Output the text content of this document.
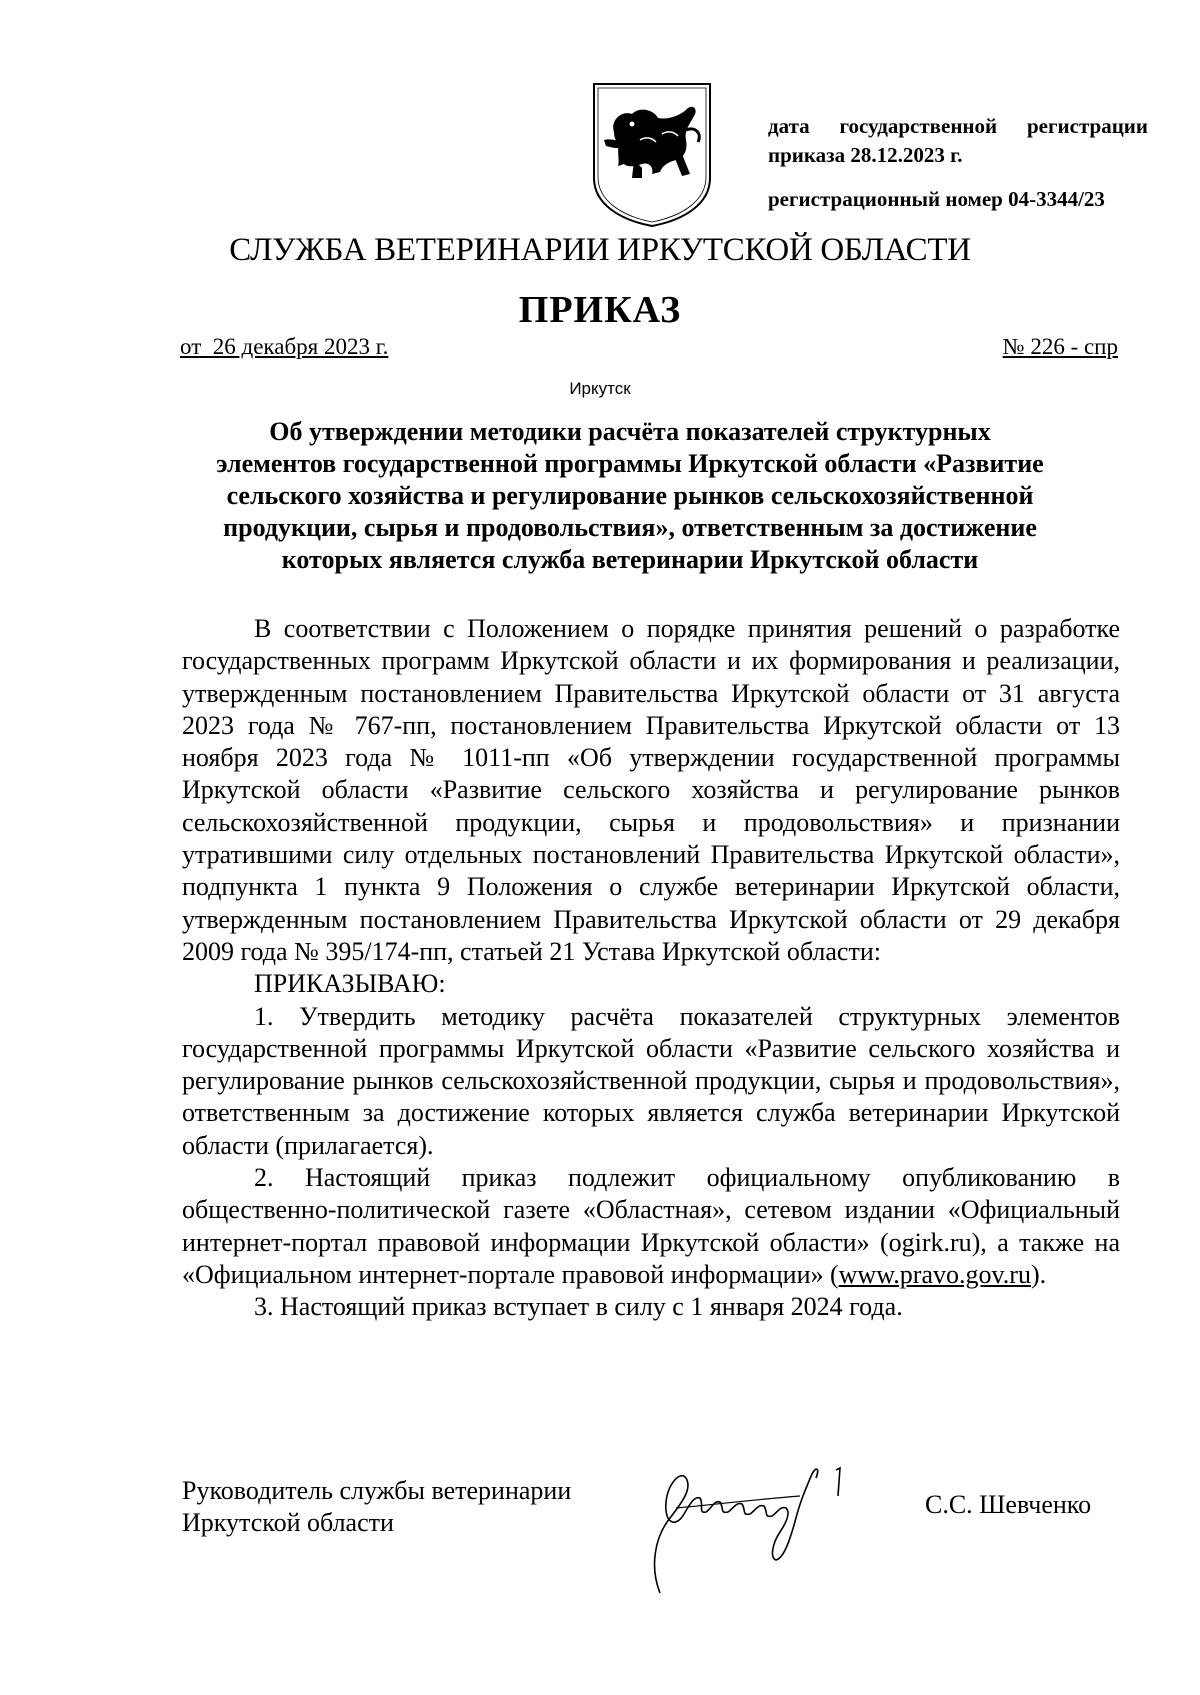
дата государственной регистрации
приказа 28.12.2023 г.
регистрационный номер 04-3344/23
СЛУЖБА ВЕТЕРИНАРИИ ИРКУТСКОЙ ОБЛАСТИ
ПРИКАЗ
от  26 декабря 2023 г.	№ 226 - спр
Иркутск
Об утверждении методики расчёта показателей структурных
элементов государственной программы Иркутской области «Развитие
сельского хозяйства и регулирование рынков сельскохозяйственной
продукции, сырья и продовольствия», ответственным за достижение
которых является служба ветеринарии Иркутской области

В соответствии с Положением о порядке принятия решений о разработке государственных программ Иркутской области и их формирования и реализации, утвержденным постановлением Правительства Иркутской области от 31 августа 2023 года № 767-пп, постановлением Правительства Иркутской области от 13 ноября 2023 года № 1011-пп «Об утверждении государственной программы Иркутской области «Развитие сельского хозяйства и регулирование рынков сельскохозяйственной продукции, сырья и продовольствия» и признании утратившими силу отдельных постановлений Правительства Иркутской области», подпункта 1 пункта 9 Положения о службе ветеринарии Иркутской области, утвержденным постановлением Правительства Иркутской области от 29 декабря 2009 года № 395/174-пп, статьей 21 Устава Иркутской области:

ПРИКАЗЫВАЮ:

1. Утвердить методику расчёта показателей структурных элементов государственной программы Иркутской области «Развитие сельского хозяйства и регулирование рынков сельскохозяйственной продукции, сырья и продовольствия», ответственным за достижение которых является служба ветеринарии Иркутской области (прилагается).

2. Настоящий приказ подлежит официальному опубликованию в общественно-политической газете «Областная», сетевом издании «Официальный интернет-портал правовой информации Иркутской области» (ogirk.ru), а также на «Официальном интернет-портале правовой информации» (www.pravo.gov.ru).

3. Настоящий приказ вступает в силу с 1 января 2024 года.

Руководитель службы ветеринарии
Иркутской области
С.С. Шевченко
